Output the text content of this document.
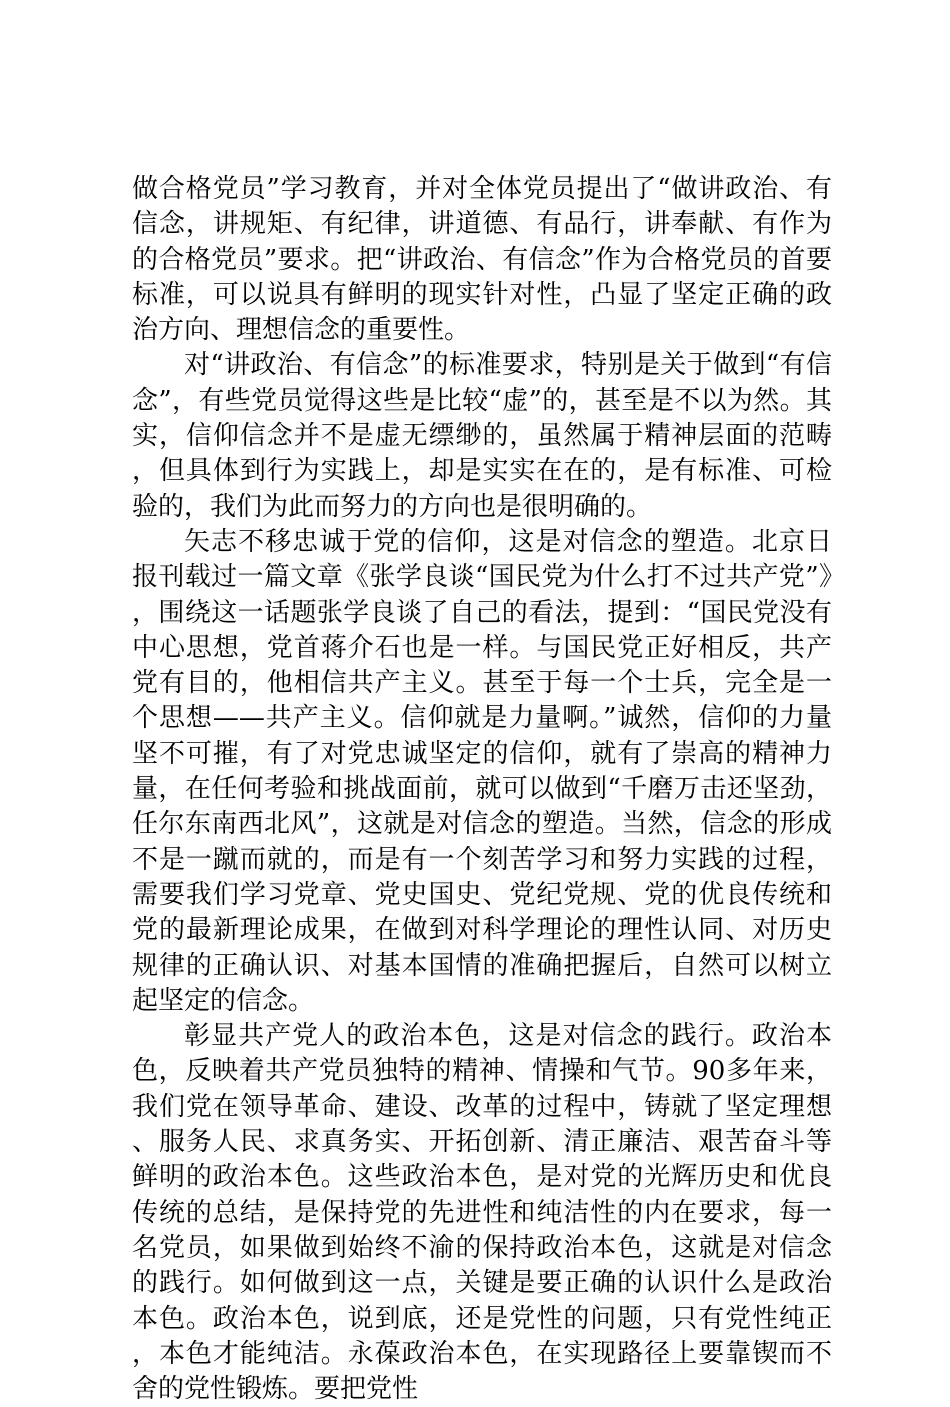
做合格党员”学习教育，并对全体党员提出了“做讲政治、有信念，讲规矩、有纪律，讲道德、有品行，讲奉献、有作为的合格党员”要求。把“讲政治、有信念”作为合格党员的首要标准，可以说具有鲜明的现实针对性，凸显了坚定正确的政治方向、理想信念的重要性。

对“讲政治、有信念”的标准要求，特别是关于做到“有信念”，有些党员觉得这些是比较“虚”的，甚至是不以为然。其实，信仰信念并不是虚无缥缈的，虽然属于精神层面的范畴，但具体到行为实践上，却是实实在在的，是有标准、可检验的，我们为此而努力的方向也是很明确的。

矢志不移忠诚于党的信仰，这是对信念的塑造。北京日报刊载过一篇文章《张学良谈“国民党为什么打不过共产党”》，围绕这一话题张学良谈了自己的看法，提到：“国民党没有中心思想，党首蒋介石也是一样。与国民党正好相反，共产党有目的，他相信共产主义。甚至于每一个士兵，完全是一个思想——共产主义。信仰就是力量啊。”诚然，信仰的力量坚不可摧，有了对党忠诚坚定的信仰，就有了崇高的精神力量，在任何考验和挑战面前，就可以做到“千磨万击还坚劲，任尔东南西北风”，这就是对信念的塑造。当然，信念的形成不是一蹴而就的，而是有一个刻苦学习和努力实践的过程，需要我们学习党章、党史国史、党纪党规、党的优良传统和党的最新理论成果，在做到对科学理论的理性认同、对历史规律的正确认识、对基本国情的准确把握后，自然可以树立起坚定的信念。

彰显共产党人的政治本色，这是对信念的践行。政治本色，反映着共产党员独特的精神、情操和气节。90多年来，我们党在领导革命、建设、改革的过程中，铸就了坚定理想、服务人民、求真务实、开拓创新、清正廉洁、艰苦奋斗等鲜明的政治本色。这些政治本色，是对党的光辉历史和优良传统的总结，是保持党的先进性和纯洁性的内在要求，每一名党员，如果做到始终不渝的保持政治本色，这就是对信念的践行。如何做到这一点，关键是要正确的认识什么是政治本色。政治本色，说到底，还是党性的问题，只有党性纯正，本色才能纯洁。永葆政治本色，在实现路径上要靠锲而不舍的党性锻炼。要把党性
